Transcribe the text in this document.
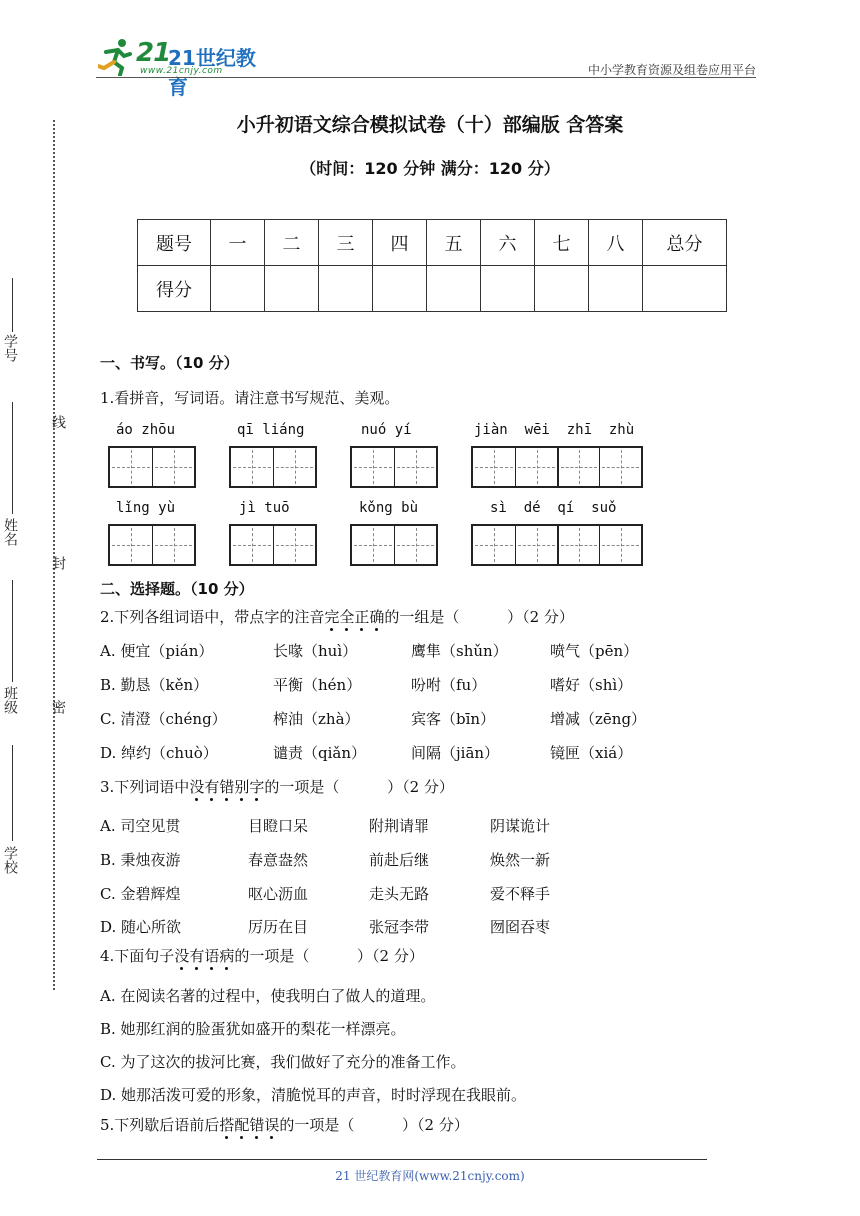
21
21世纪教育
www.21cnjy.com	中小学教育资源及组卷应用平台
小升初语文综合模拟试卷（十）部编版 含答案
（时间：120 分钟 满分：120 分）
题号	一	二	三	四	五	六	七	八	总分
得分									
学号
线
姓名
封
班级 密
学校
一、书写。（10 分）
1.看拼音，写词语。请注意书写规范、美观。
áo zhōu	qī liáng	nuó yí	jiàn  wēi  zhī  zhù
lǐng yù	jì tuō	kǒng bù	sì  dé  qí  suǒ
二、选择题。（10 分）
2.下列各组词语中，带点字的注音完全正确的一组是（          ）（2 分）
A. 便宜（pián）	长喙（huì）	鹰隼（shǔn）	喷气（pēn）
B. 勤恳（kěn）	平衡（hén）	吩咐（fu）	嗜好（shì）
C. 清澄（chéng）	榨油（zhà）	宾客（bīn）	增减（zēng）
D. 绰约（chuò）	谴责（qiǎn）	间隔（jiān）	镜匣（xiá）
3.下列词语中没有错别字的一项是（          ）（2 分）
A. 司空见贯	目瞪口呆	附荆请罪	阴谋诡计
B. 秉烛夜游	春意盎然	前赴后继	焕然一新
C. 金碧辉煌	呕心沥血	走头无路	爱不释手
D. 随心所欲	厉历在目	张冠李带	囫囵吞枣
4.下面句子没有语病的一项是（          ）（2 分）
A. 在阅读名著的过程中，使我明白了做人的道理。
B. 她那红润的脸蛋犹如盛开的梨花一样漂亮。
C. 为了这次的拔河比赛，我们做好了充分的准备工作。
D. 她那活泼可爱的形象，清脆悦耳的声音，时时浮现在我眼前。
5.下列歇后语前后搭配错误的一项是（          ）（2 分）
21 世纪教育网(www.21cnjy.com)
